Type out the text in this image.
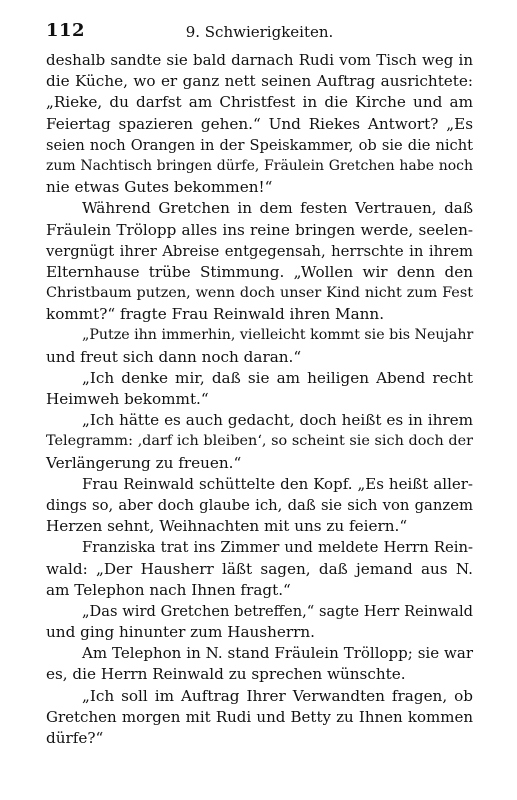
112	9. Schwierigkeiten.
deshalb sandte sie bald darnach Rudi vom Tisch weg in
die Küche, wo er ganz nett seinen Auftrag ausrichtete:
„Rieke, du darfst am Christfest in die Kirche und am
Feiertag spazieren gehen.“ Und Riekes Antwort? „Es
seien noch Orangen in der Speiskammer, ob sie die nicht
zum Nachtisch bringen dürfe, Fräulein Gretchen habe noch
nie etwas Gutes bekommen!“
Während Gretchen in dem festen Vertrauen, daß
Fräulein Trölopp alles ins reine bringen werde, seelen-
vergnügt ihrer Abreise entgegensah, herrschte in ihrem
Elternhause trübe Stimmung. „Wollen wir denn den
Christbaum putzen, wenn doch unser Kind nicht zum Fest
kommt?“ fragte Frau Reinwald ihren Mann.
„Putze ihn immerhin, vielleicht kommt sie bis Neujahr
und freut sich dann noch daran.“
„Ich denke mir, daß sie am heiligen Abend recht
Heimweh bekommt.“
„Ich hätte es auch gedacht, doch heißt es in ihrem
Telegramm: ‚darf ich bleiben‘, so scheint sie sich doch der
Verlängerung zu freuen.“
Frau Reinwald schüttelte den Kopf. „Es heißt aller-
dings so, aber doch glaube ich, daß sie sich von ganzem
Herzen sehnt, Weihnachten mit uns zu feiern.“
Franziska trat ins Zimmer und meldete Herrn Rein-
wald: „Der Hausherr läßt sagen, daß jemand aus N.
am Telephon nach Ihnen fragt.“
„Das wird Gretchen betreffen,“ sagte Herr Reinwald
und ging hinunter zum Hausherrn.
Am Telephon in N. stand Fräulein Tröllopp; sie war
es, die Herrn Reinwald zu sprechen wünschte.
„Ich soll im Auftrag Ihrer Verwandten fragen, ob
Gretchen morgen mit Rudi und Betty zu Ihnen kommen
dürfe?“
